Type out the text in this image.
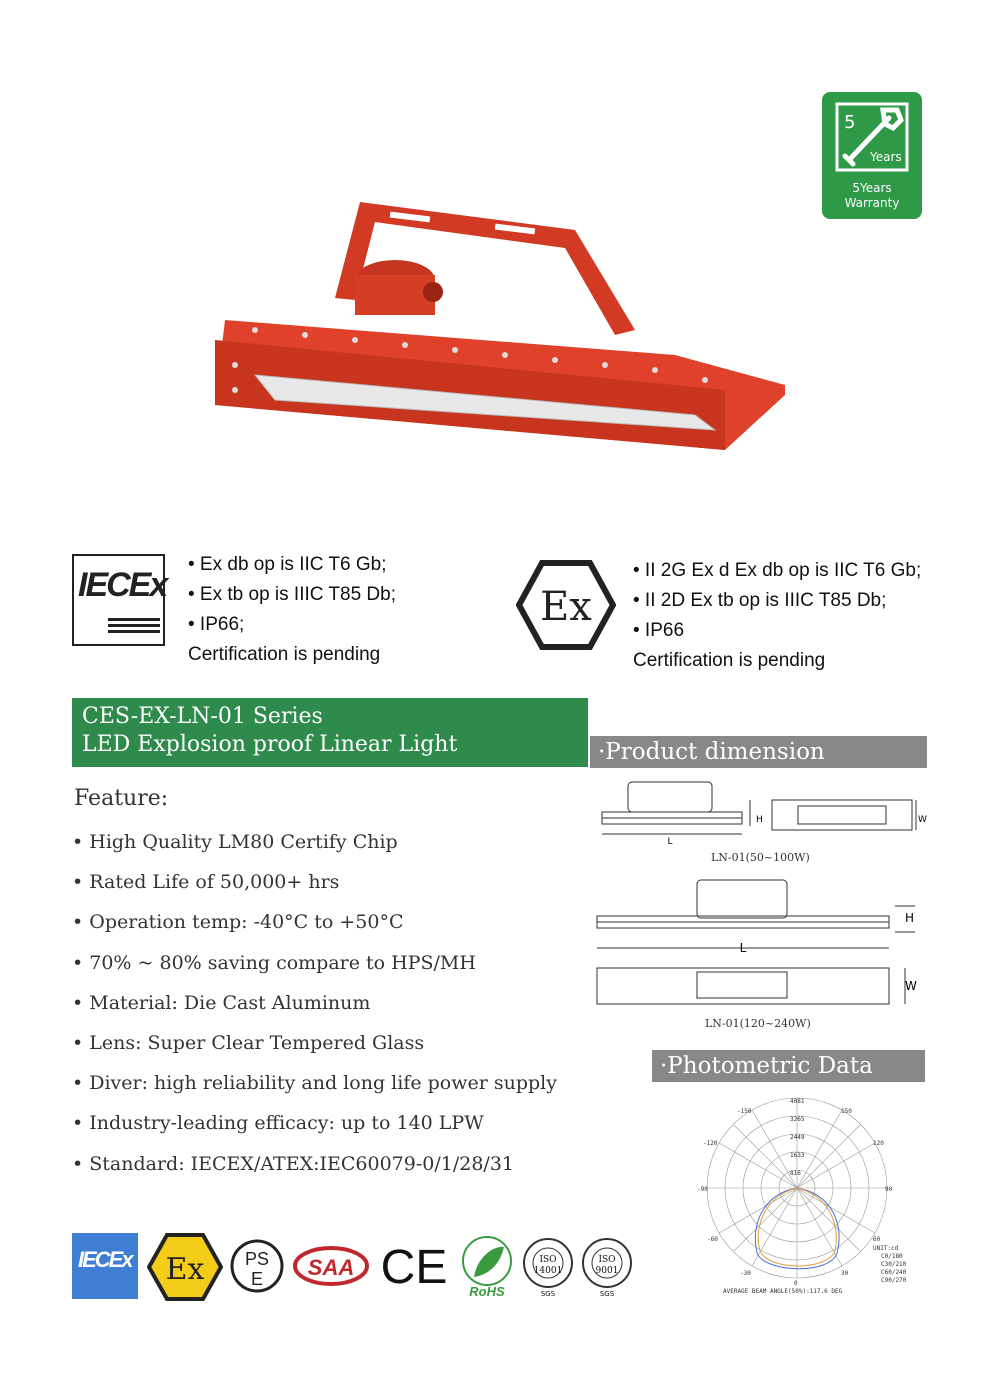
5
Years
5Years
Warranty
IECEx
• Ex db op is IIC T6 Gb;
• Ex tb op is IIIC T85 Db;
• IP66;
Certification is pending
Ex
• II 2G Ex d Ex db op is IIC T6 Gb;
• II 2D Ex tb op is IIIC T85 Db;
• IP66
Certification is pending
CES-EX-LN-01 Series
LED Explosion proof Linear Light	·Product dimension
Feature:
• High Quality LM80 Certify Chip
• Rated Life of 50,000+ hrs
• Operation temp: -40°C to +50°C
• 70% ~ 80% saving compare to HPS/MH
• Material: Die Cast Aluminum
• Lens: Super Clear Tempered Glass
• Diver: high reliability and long life power supply
• Industry-leading efficacy: up to 140 LPW
• Standard: IECEX/ATEX:IEC60079-0/1/28/31
L
H	W
LN-01(50~100W)
L
H
W
LN-01(120~240W)
·Photometric Data
4081
3265
2449
1633
816
-150	150
-120	120
-90	90
-60	60
-30	30
0
UNIT:cd
C0/180
C30/210
C60/240
C90/270
AVERAGE BEAM ANGLE(50%):117.6 DEG
IECEx Ex PS
E SAA CE RoHS
ISO
14001
SGS
ISO
9001
SGS
